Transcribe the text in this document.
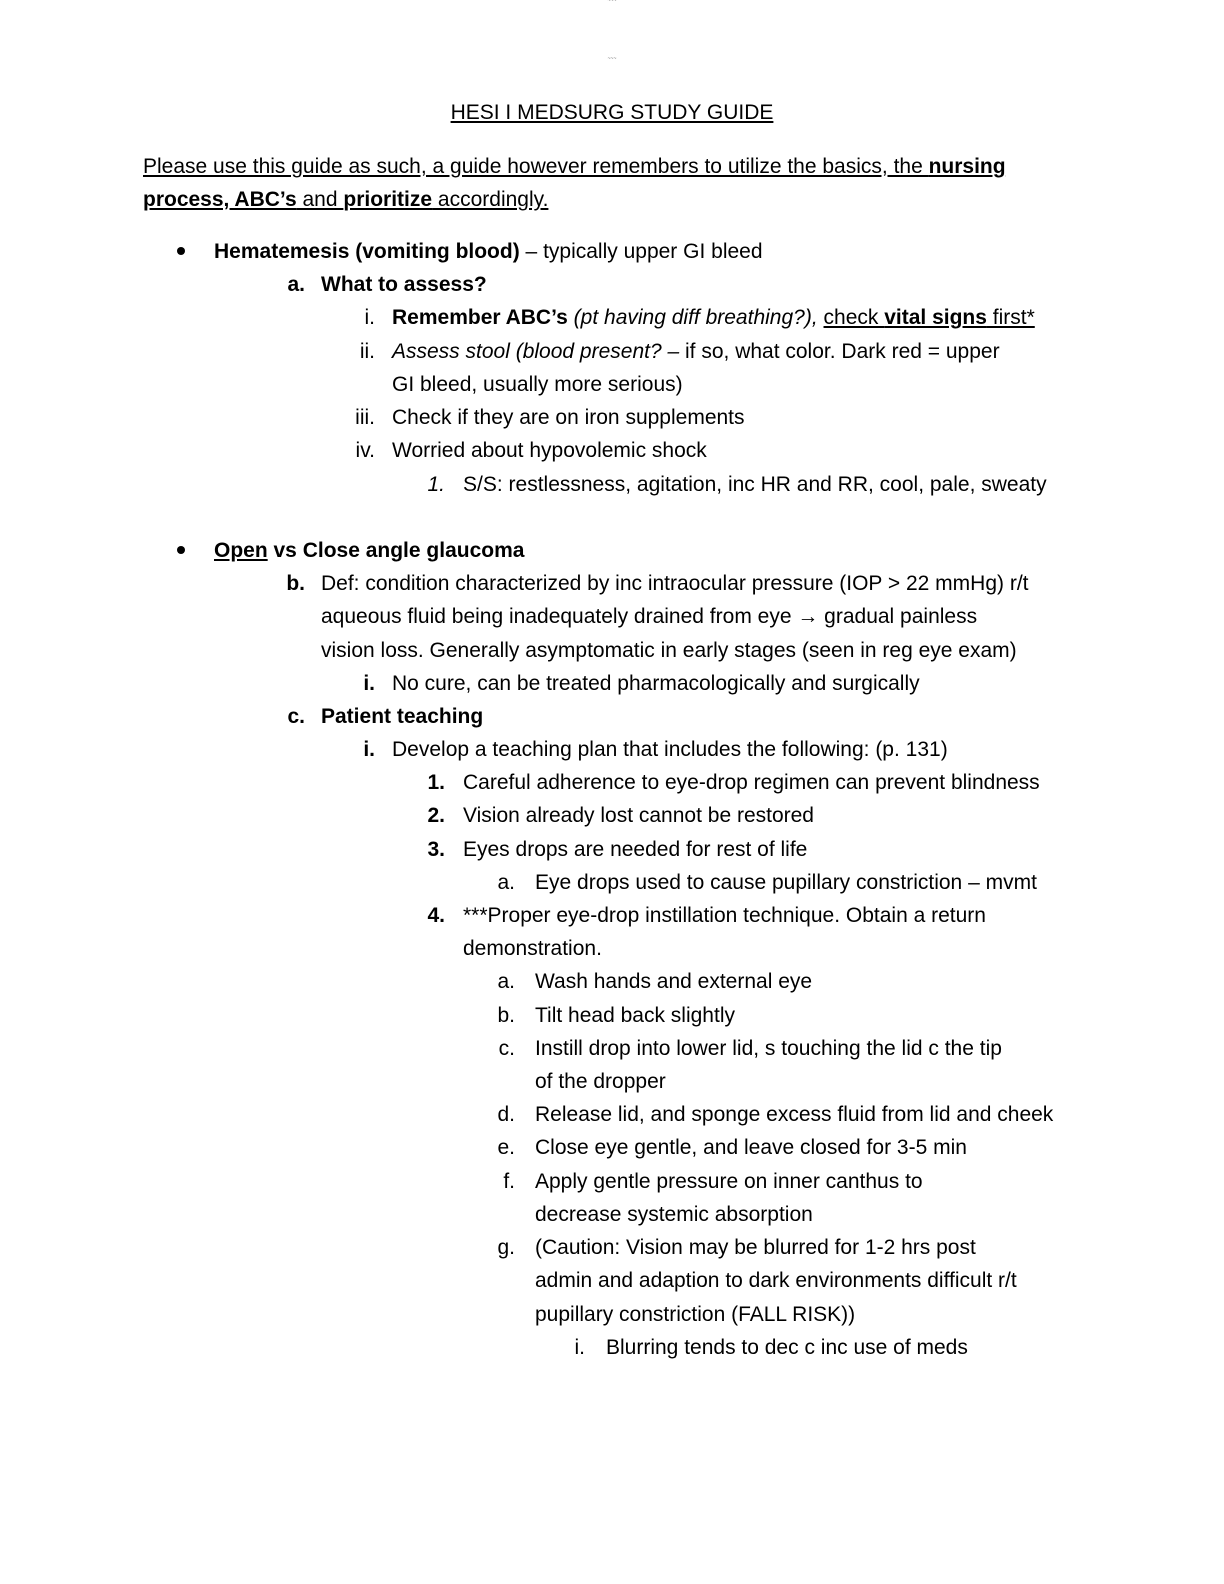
~~~
~~~
HESI I MEDSURG STUDY GUIDE
Please use this guide as such, a guide however remembers to utilize the basics, the nursing
process, ABC’s and prioritize accordingly.
Hematemesis (vomiting blood) – typically upper GI bleed
a. What to assess?
i. Remember ABC’s (pt having diff breathing?), check vital signs first*
ii. Assess stool (blood present? – if so, what color. Dark red = upper
GI bleed, usually more serious)
iii. Check if they are on iron supplements
iv. Worried about hypovolemic shock
1. S/S: restlessness, agitation, inc HR and RR, cool, pale, sweaty
Open vs Close angle glaucoma
b. Def: condition characterized by inc intraocular pressure (IOP > 22 mmHg) r/t
aqueous fluid being inadequately drained from eye → gradual painless
vision loss. Generally asymptomatic in early stages (seen in reg eye exam)
i. No cure, can be treated pharmacologically and surgically
c. Patient teaching
i. Develop a teaching plan that includes the following: (p. 131)
1. Careful adherence to eye-drop regimen can prevent blindness
2. Vision already lost cannot be restored
3. Eyes drops are needed for rest of life
a. Eye drops used to cause pupillary constriction – mvmt
4. ***Proper eye-drop instillation technique. Obtain a return
demonstration.
a. Wash hands and external eye
b. Tilt head back slightly
c. Instill drop into lower lid, s touching the lid c the tip
of the dropper
d. Release lid, and sponge excess fluid from lid and cheek
e. Close eye gentle, and leave closed for 3-5 min
f. Apply gentle pressure on inner canthus to
decrease systemic absorption
g. (Caution: Vision may be blurred for 1-2 hrs post
admin and adaption to dark environments difficult r/t
pupillary constriction (FALL RISK))
i. Blurring tends to dec c inc use of meds
